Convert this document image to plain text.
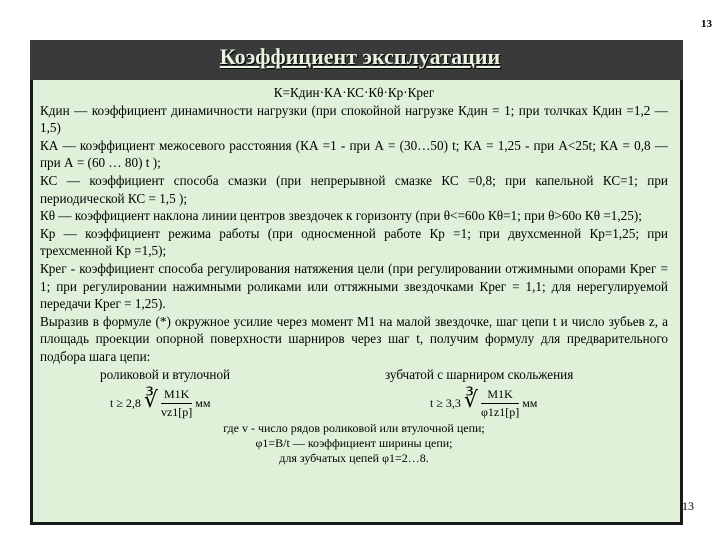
13
Коэффициент эксплуатации

К=Кдин·КА·КС·Кθ·Кр·Кpeг

Кдин — коэффициент динамичности нагрузки (при спокойной нагрузке Кдин = 1; при толчках Кдин =1,2 — 1,5)

КА — коэффициент межосевого расстояния (КА =1 - при А = (30…50) t; КА = 1,25 - при А<25t; КА = 0,8 — при А = (60 … 80) t );

КС — коэффициент способа смазки (при непрерывной смазке КС =0,8; при капельной КС=1; при периодической КС = 1,5 );

Кθ — коэффициент наклона линии центров звездочек к горизонту (при θ<=60о Кθ=1; при θ>60о Кθ =1,25);

Кр — коэффициент режима работы (при односменной работе Кр =1; при двухсменной Кр=1,25; при трехсменной Кр =1,5);

Кpeг - коэффициент способа регулирования натяжения цели (при регулировании отжимными опорами Крег = 1; при регулировании нажимными роликами или оттяжными звездочками Крег = 1,1; для нерегулируемой передачи Крег = 1,25).

Выразив в формуле (*) окружное усилие через момент М1 на малой звездочке, шаг цепи t и число зубьев z, а площадь проекции опорной поверхности шарниров через шаг t, получим формулу для предварительного подбора шага цепи:

роликовой и втулочной	зубчатой с шарниром скольжения
t ≥ 2,8 ∛ $\frac{M1K}{vz1[p]}$ мм	t ≥ 3,3 ∛ $\frac{M1K}{\varphi 1z1[p]}$ мм
где v - число рядов роликовой или втулочной цепи;
φ1=B/t — коэффициент ширины цепи;
для зубчатых цепей φ1=2…8.
13
